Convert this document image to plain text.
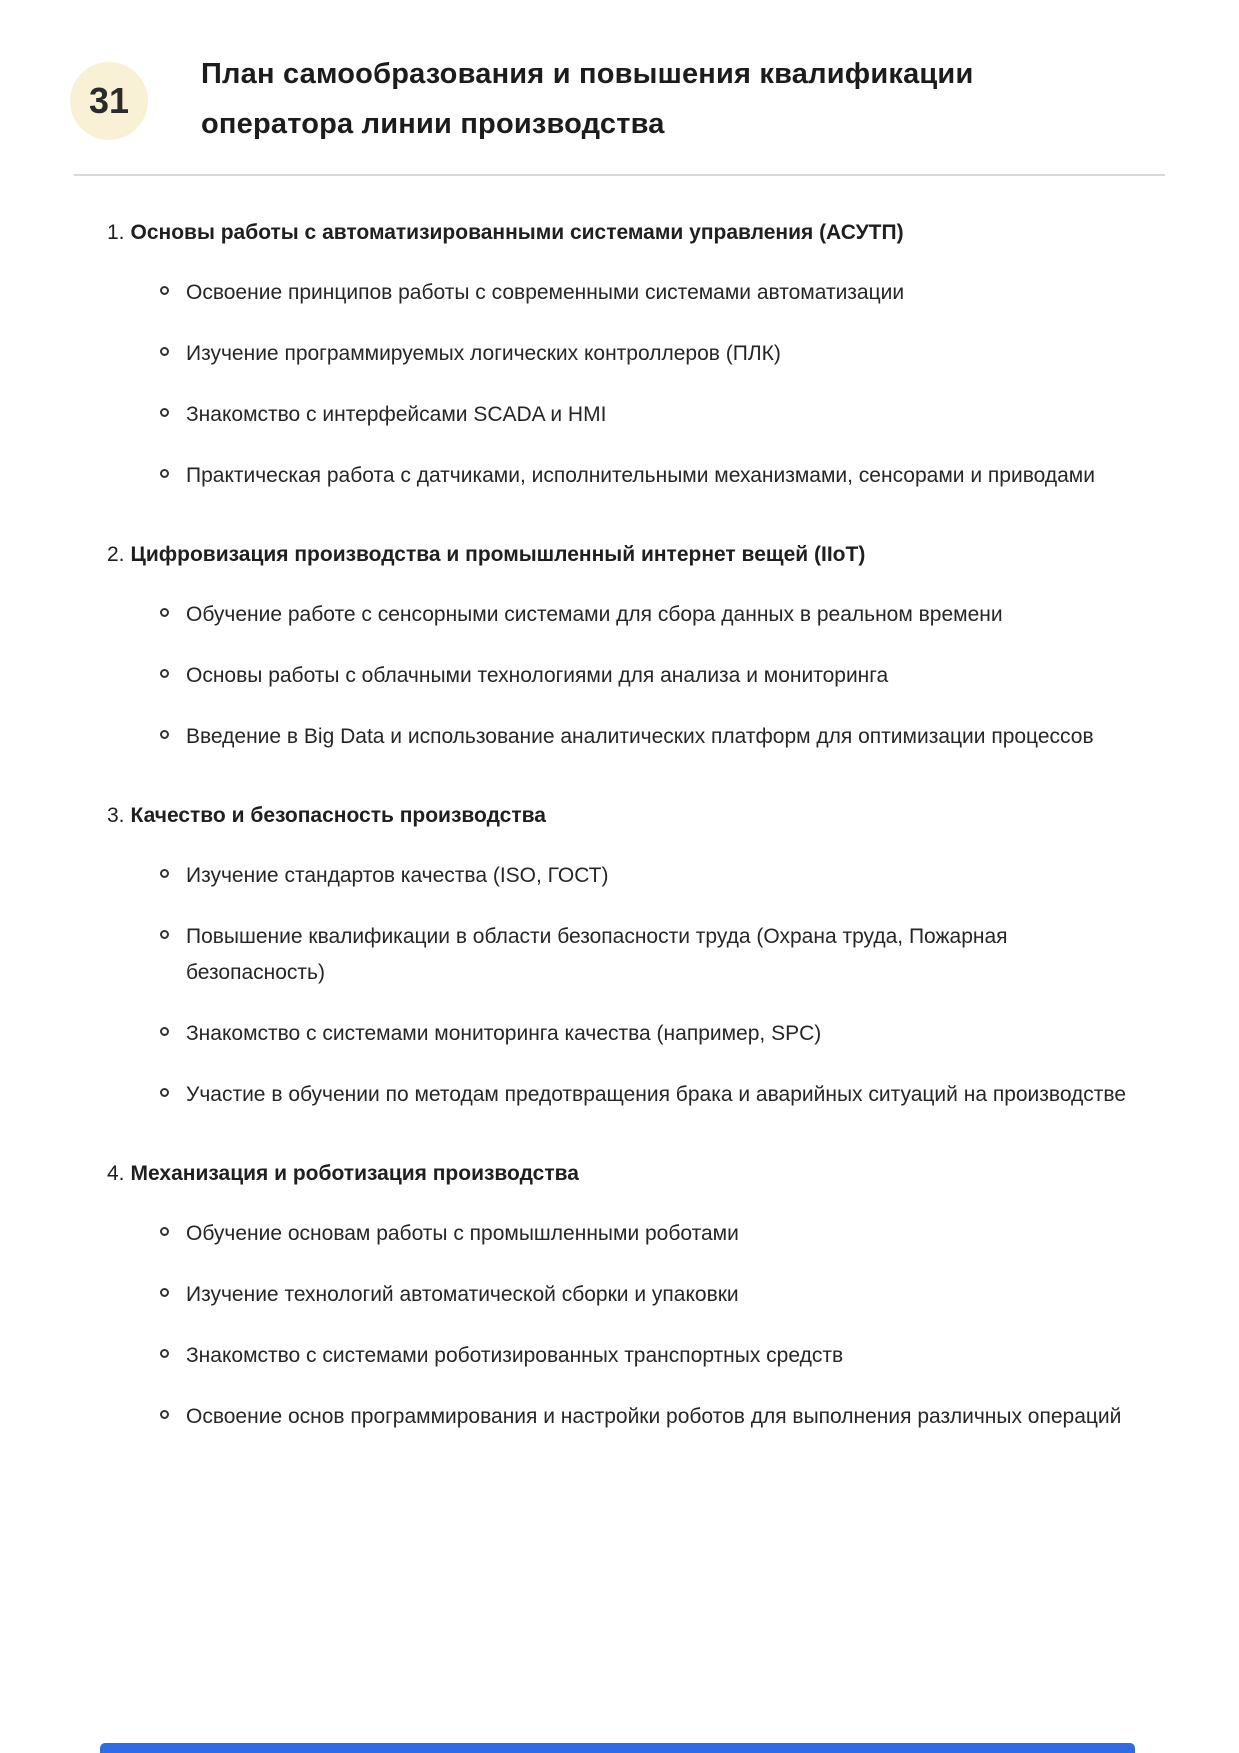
31
План самообразования и повышения квалификации оператора линии производства
1. Основы работы с автоматизированными системами управления (АСУТП)
Освоение принципов работы с современными системами автоматизации
Изучение программируемых логических контроллеров (ПЛК)
Знакомство с интерфейсами SCADA и HMI
Практическая работа с датчиками, исполнительными механизмами, сенсорами и приводами
2. Цифровизация производства и промышленный интернет вещей (IIoT)
Обучение работе с сенсорными системами для сбора данных в реальном времени
Основы работы с облачными технологиями для анализа и мониторинга
Введение в Big Data и использование аналитических платформ для оптимизации процессов
3. Качество и безопасность производства
Изучение стандартов качества (ISO, ГОСТ)
Повышение квалификации в области безопасности труда (Охрана труда, Пожарная безопасность)
Знакомство с системами мониторинга качества (например, SPC)
Участие в обучении по методам предотвращения брака и аварийных ситуаций на производстве
4. Механизация и роботизация производства
Обучение основам работы с промышленными роботами
Изучение технологий автоматической сборки и упаковки
Знакомство с системами роботизированных транспортных средств
Освоение основ программирования и настройки роботов для выполнения различных операций
